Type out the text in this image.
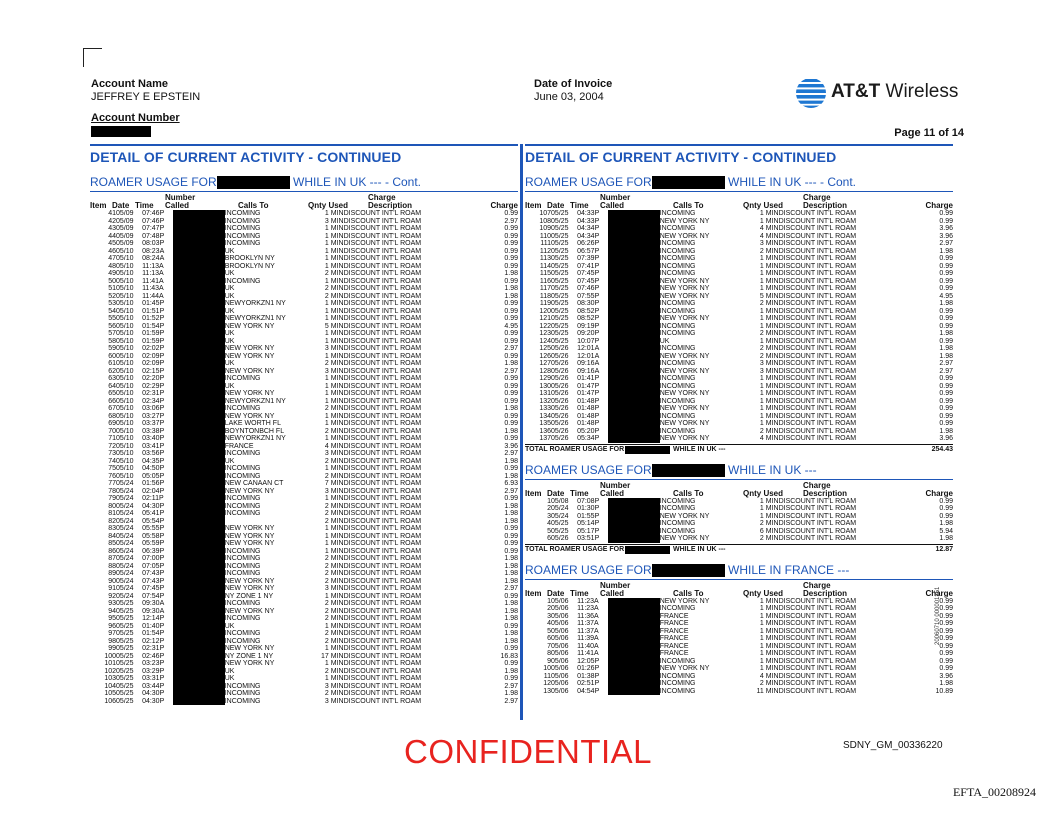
Account Name
JEFFREY E EPSTEIN
Account Number
Date of Invoice
June 03, 2004	AT&T Wireless
Page 11 of 14
DETAIL OF CURRENT ACTIVITY - CONTINUED
ROAMER USAGE FOR	WHILE IN UK --- - Cont.
Item Date Time
Number
Called	Calls To	Qnty Used
Charge
Description	Charge
41	05/09	07:46P		INCOMING	1 MIN	DISCOUNT INT'L ROAM	0.99
42	05/09	07:46P		INCOMING	3 MIN	DISCOUNT INT'L ROAM	2.97
43	05/09	07:47P		INCOMING	1 MIN	DISCOUNT INT'L ROAM	0.99
44	05/09	07:48P		INCOMING	1 MIN	DISCOUNT INT'L ROAM	0.99
45	05/09	08:03P		INCOMING	1 MIN	DISCOUNT INT'L ROAM	0.99
46	05/10	08:23A		UK	1 MIN	DISCOUNT INT'L ROAM	0.99
47	05/10	08:24A		BROOKLYN NY	1 MIN	DISCOUNT INT'L ROAM	0.99
48	05/10	11:13A		BROOKLYN NY	1 MIN	DISCOUNT INT'L ROAM	0.99
49	05/10	11:13A		UK	2 MIN	DISCOUNT INT'L ROAM	1.98
50	05/10	11:41A		INCOMING	1 MIN	DISCOUNT INT'L ROAM	0.99
51	05/10	11:43A		UK	2 MIN	DISCOUNT INT'L ROAM	1.98
52	05/10	11:44A		UK	2 MIN	DISCOUNT INT'L ROAM	1.98
53	05/10	01:45P		NEWYORKZN1 NY	1 MIN	DISCOUNT INT'L ROAM	0.99
54	05/10	01:51P		UK	1 MIN	DISCOUNT INT'L ROAM	0.99
55	05/10	01:52P		NEWYORKZN1 NY	1 MIN	DISCOUNT INT'L ROAM	0.99
56	05/10	01:54P		NEW YORK NY	5 MIN	DISCOUNT INT'L ROAM	4.95
57	05/10	01:59P		UK	1 MIN	DISCOUNT INT'L ROAM	0.99
58	05/10	01:59P		UK	1 MIN	DISCOUNT INT'L ROAM	0.99
59	05/10	02:02P		NEW YORK NY	3 MIN	DISCOUNT INT'L ROAM	2.97
60	05/10	02:09P		NEW YORK NY	1 MIN	DISCOUNT INT'L ROAM	0.99
61	05/10	02:09P		UK	2 MIN	DISCOUNT INT'L ROAM	1.98
62	05/10	02:15P		NEW YORK NY	3 MIN	DISCOUNT INT'L ROAM	2.97
63	05/10	02:20P		INCOMING	1 MIN	DISCOUNT INT'L ROAM	0.99
64	05/10	02:29P		UK	1 MIN	DISCOUNT INT'L ROAM	0.99
65	05/10	02:31P		NEW YORK NY	1 MIN	DISCOUNT INT'L ROAM	0.99
66	05/10	02:34P		NEWYORKZN1 NY	1 MIN	DISCOUNT INT'L ROAM	0.99
67	05/10	03:06P		INCOMING	2 MIN	DISCOUNT INT'L ROAM	1.98
68	05/10	03:27P		NEW YORK NY	1 MIN	DISCOUNT INT'L ROAM	0.99
69	05/10	03:37P		LAKE WORTH FL	1 MIN	DISCOUNT INT'L ROAM	0.99
70	05/10	03:38P		BOYNTONBCH FL	2 MIN	DISCOUNT INT'L ROAM	1.98
71	05/10	03:40P		NEWYORKZN1 NY	1 MIN	DISCOUNT INT'L ROAM	0.99
72	05/10	03:41P		FRANCE	4 MIN	DISCOUNT INT'L ROAM	3.96
73	05/10	03:56P		INCOMING	3 MIN	DISCOUNT INT'L ROAM	2.97
74	05/10	04:35P		UK	2 MIN	DISCOUNT INT'L ROAM	1.98
75	05/10	04:50P		INCOMING	1 MIN	DISCOUNT INT'L ROAM	0.99
76	05/10	05:05P		INCOMING	2 MIN	DISCOUNT INT'L ROAM	1.98
77	05/24	01:56P		NEW CANAAN CT	7 MIN	DISCOUNT INT'L ROAM	6.93
78	05/24	02:04P		NEW YORK NY	3 MIN	DISCOUNT INT'L ROAM	2.97
79	05/24	02:11P		INCOMING	1 MIN	DISCOUNT INT'L ROAM	0.99
80	05/24	04:30P		INCOMING	2 MIN	DISCOUNT INT'L ROAM	1.98
81	05/24	05:41P		INCOMING	2 MIN	DISCOUNT INT'L ROAM	1.98
82	05/24	05:54P			2 MIN	DISCOUNT INT'L ROAM	1.98
83	05/24	05:55P		NEW YORK NY	1 MIN	DISCOUNT INT'L ROAM	0.99
84	05/24	05:58P		NEW YORK NY	1 MIN	DISCOUNT INT'L ROAM	0.99
85	05/24	05:59P		NEW YORK NY	1 MIN	DISCOUNT INT'L ROAM	0.99
86	05/24	06:39P		INCOMING	1 MIN	DISCOUNT INT'L ROAM	0.99
87	05/24	07:00P		INCOMING	2 MIN	DISCOUNT INT'L ROAM	1.98
88	05/24	07:05P		INCOMING	2 MIN	DISCOUNT INT'L ROAM	1.98
89	05/24	07:43P		INCOMING	2 MIN	DISCOUNT INT'L ROAM	1.98
90	05/24	07:43P		NEW YORK NY	2 MIN	DISCOUNT INT'L ROAM	1.98
91	05/24	07:45P		NEW YORK NY	3 MIN	DISCOUNT INT'L ROAM	2.97
92	05/24	07:54P		NY ZONE 1 NY	1 MIN	DISCOUNT INT'L ROAM	0.99
93	05/25	09:30A		INCOMING	2 MIN	DISCOUNT INT'L ROAM	1.98
94	05/25	09:30A		NEW YORK NY	2 MIN	DISCOUNT INT'L ROAM	1.98
95	05/25	12:14P		INCOMING	2 MIN	DISCOUNT INT'L ROAM	1.98
96	05/25	01:40P		UK	1 MIN	DISCOUNT INT'L ROAM	0.99
97	05/25	01:54P		INCOMING	2 MIN	DISCOUNT INT'L ROAM	1.98
98	05/25	02:12P		INCOMING	2 MIN	DISCOUNT INT'L ROAM	1.98
99	05/25	02:31P		NEW YORK NY	1 MIN	DISCOUNT INT'L ROAM	0.99
100	05/25	02:46P		NY ZONE 1 NY	17 MIN	DISCOUNT INT'L ROAM	16.83
101	05/25	03:23P		NEW YORK NY	1 MIN	DISCOUNT INT'L ROAM	0.99
102	05/25	03:29P		UK	2 MIN	DISCOUNT INT'L ROAM	1.98
103	05/25	03:31P		UK	1 MIN	DISCOUNT INT'L ROAM	0.99
104	05/25	03:44P		INCOMING	3 MIN	DISCOUNT INT'L ROAM	2.97
105	05/25	04:30P		INCOMING	2 MIN	DISCOUNT INT'L ROAM	1.98
106	05/25	04:30P		INCOMING	3 MIN	DISCOUNT INT'L ROAM	2.97
DETAIL OF CURRENT ACTIVITY - CONTINUED
ROAMER USAGE FOR	WHILE IN UK --- - Cont.
Item Date Time
Number
Called	Calls To	Qnty Used
Charge
Description	Charge
107	05/25	04:33P		INCOMING	1 MIN	DISCOUNT INT'L ROAM	0.99
108	05/25	04:33P		NEW YORK NY	1 MIN	DISCOUNT INT'L ROAM	0.99
109	05/25	04:34P		INCOMING	4 MIN	DISCOUNT INT'L ROAM	3.96
110	05/25	04:34P		NEW YORK NY	4 MIN	DISCOUNT INT'L ROAM	3.96
111	05/25	06:26P		INCOMING	3 MIN	DISCOUNT INT'L ROAM	2.97
112	05/25	06:57P		INCOMING	2 MIN	DISCOUNT INT'L ROAM	1.98
113	05/25	07:39P		INCOMING	1 MIN	DISCOUNT INT'L ROAM	0.99
114	05/25	07:41P		INCOMING	1 MIN	DISCOUNT INT'L ROAM	0.99
115	05/25	07:45P		INCOMING	1 MIN	DISCOUNT INT'L ROAM	0.99
116	05/25	07:45P		NEW YORK NY	1 MIN	DISCOUNT INT'L ROAM	0.99
117	05/25	07:46P		NEW YORK NY	1 MIN	DISCOUNT INT'L ROAM	0.99
118	05/25	07:55P		NEW YORK NY	5 MIN	DISCOUNT INT'L ROAM	4.95
119	05/25	08:30P		INCOMING	2 MIN	DISCOUNT INT'L ROAM	1.98
120	05/25	08:52P		INCOMING	1 MIN	DISCOUNT INT'L ROAM	0.99
121	05/25	08:52P		NEW YORK NY	1 MIN	DISCOUNT INT'L ROAM	0.99
122	05/25	09:19P		INCOMING	1 MIN	DISCOUNT INT'L ROAM	0.99
123	05/25	09:20P		INCOMING	2 MIN	DISCOUNT INT'L ROAM	1.98
124	05/25	10:07P		UK	1 MIN	DISCOUNT INT'L ROAM	0.99
125	05/26	12:01A		INCOMING	2 MIN	DISCOUNT INT'L ROAM	1.98
126	05/26	12:01A		NEW YORK NY	2 MIN	DISCOUNT INT'L ROAM	1.98
127	05/26	09:16A		INCOMING	3 MIN	DISCOUNT INT'L ROAM	2.97
128	05/26	09:16A		NEW YORK NY	3 MIN	DISCOUNT INT'L ROAM	2.97
129	05/26	01:41P		INCOMING	1 MIN	DISCOUNT INT'L ROAM	0.99
130	05/26	01:47P		INCOMING	1 MIN	DISCOUNT INT'L ROAM	0.99
131	05/26	01:47P		NEW YORK NY	1 MIN	DISCOUNT INT'L ROAM	0.99
132	05/26	01:48P		INCOMING	1 MIN	DISCOUNT INT'L ROAM	0.99
133	05/26	01:48P		NEW YORK NY	1 MIN	DISCOUNT INT'L ROAM	0.99
134	05/26	01:48P		INCOMING	1 MIN	DISCOUNT INT'L ROAM	0.99
135	05/26	01:48P		NEW YORK NY	1 MIN	DISCOUNT INT'L ROAM	0.99
136	05/26	05:20P		INCOMING	2 MIN	DISCOUNT INT'L ROAM	1.98
137	05/26	05:34P		NEW YORK NY	4 MIN	DISCOUNT INT'L ROAM	3.96
TOTAL ROAMER USAGE FOR	WHILE IN UK ---	254.43
ROAMER USAGE FOR	WHILE IN UK ---
Item Date Time
Number
Called	Calls To	Qnty Used
Charge
Description	Charge
1	05/08	07:08P		INCOMING	1 MIN	DISCOUNT INT'L ROAM	0.99
2	05/24	01:30P		INCOMING	1 MIN	DISCOUNT INT'L ROAM	0.99
3	05/24	01:55P		NEW YORK NY	1 MIN	DISCOUNT INT'L ROAM	0.99
4	05/25	05:14P		INCOMING	2 MIN	DISCOUNT INT'L ROAM	1.98
5	05/25	05:17P		INCOMING	6 MIN	DISCOUNT INT'L ROAM	5.94
6	05/26	03:51P		NEW YORK NY	2 MIN	DISCOUNT INT'L ROAM	1.98
TOTAL ROAMER USAGE FOR	WHILE IN UK ---	12.87
ROAMER USAGE FOR	WHILE IN FRANCE ---
Item Date Time
Number
Called	Calls To	Qnty Used
Charge
Description	Charge
1	05/06	11:23A		NEW YORK NY	1 MIN	DISCOUNT INT'L ROAM	0.99
2	05/06	11:23A		INCOMING	1 MIN	DISCOUNT INT'L ROAM	0.99
3	05/06	11:36A		FRANCE	1 MIN	DISCOUNT INT'L ROAM	0.99
4	05/06	11:37A		FRANCE	1 MIN	DISCOUNT INT'L ROAM	0.99
5	05/06	11:37A		FRANCE	1 MIN	DISCOUNT INT'L ROAM	0.99
6	05/06	11:39A		FRANCE	1 MIN	DISCOUNT INT'L ROAM	0.99
7	05/06	11:40A		FRANCE	1 MIN	DISCOUNT INT'L ROAM	0.99
8	05/06	11:41A		FRANCE	1 MIN	DISCOUNT INT'L ROAM	0.99
9	05/06	12:05P		INCOMING	1 MIN	DISCOUNT INT'L ROAM	0.99
10	05/06	01:26P		NEW YORK NY	1 MIN	DISCOUNT INT'L ROAM	0.99
11	05/06	01:38P		INCOMING	4 MIN	DISCOUNT INT'L ROAM	3.96
12	05/06	02:51P		INCOMING	2 MIN	DISCOUNT INT'L ROAM	1.98
13	05/06	04:54P		INCOMING	11 MIN	DISCOUNT INT'L ROAM	10.89
20060710 000001351
CONFIDENTIAL	SDNY_GM_00336220
EFTA_00208924
